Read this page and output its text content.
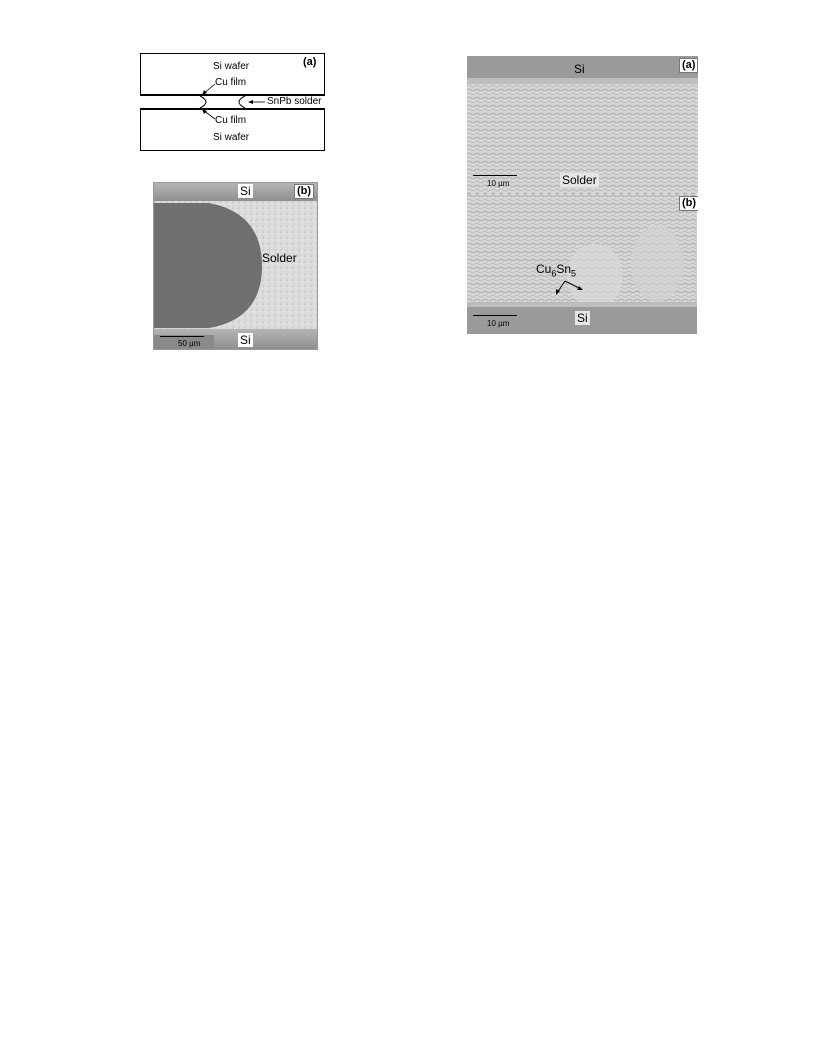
Si wafer	(a)
Cu film
SnPb solder
Cu film
Si wafer
(b)
Si
Solder
Si
50 µm
Si	(a)
Solder
10 µm
(b)
$Cu_6Sn_5$
Si
10 µm
